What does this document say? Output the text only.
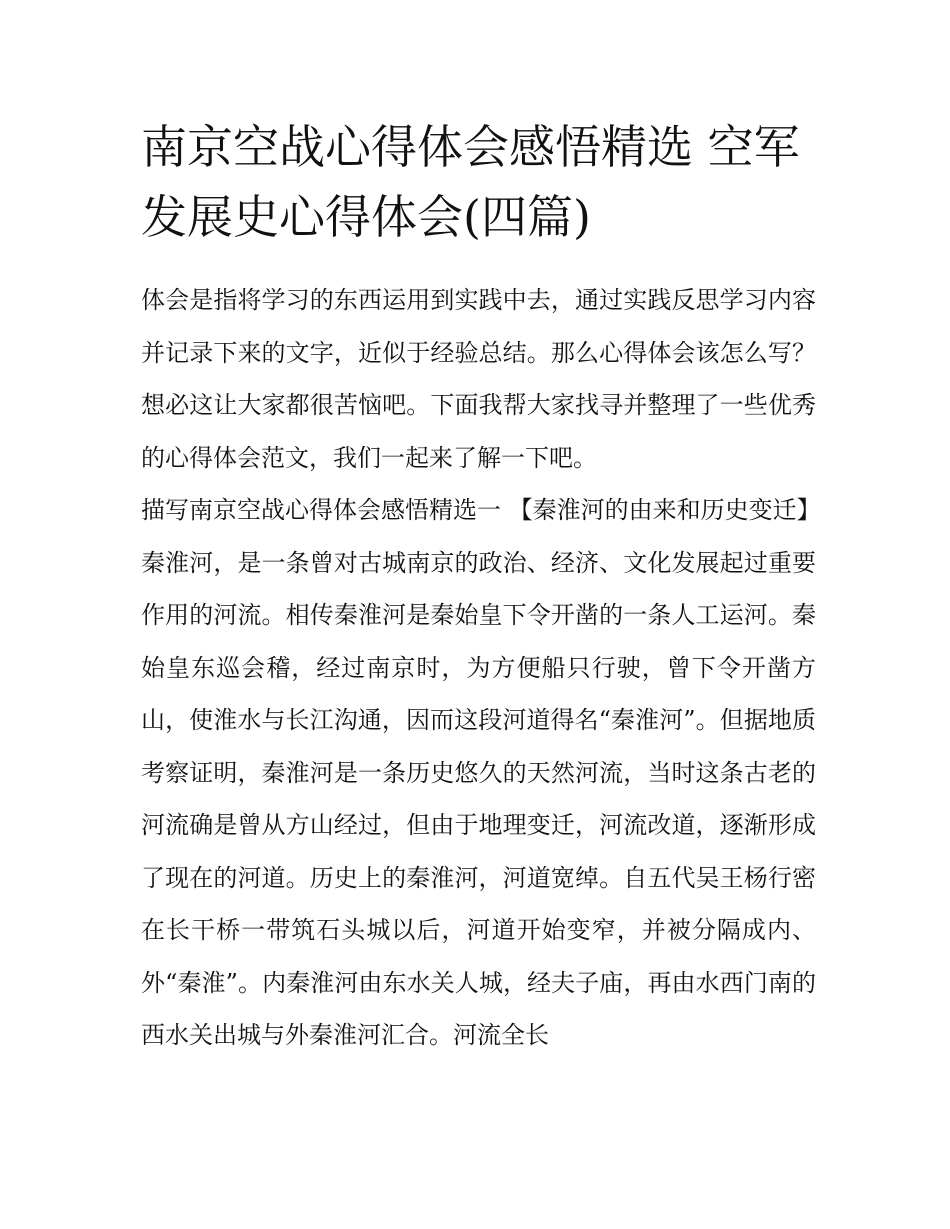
南京空战心得体会感悟精选 空军发展史心得体会(四篇)

体会是指将学习的东西运用到实践中去，通过实践反思学习内容并记录下来的文字，近似于经验总结。那么心得体会该怎么写？想必这让大家都很苦恼吧。下面我帮大家找寻并整理了一些优秀的心得体会范文，我们一起来了解一下吧。

描写南京空战心得体会感悟精选一 【秦淮河的由来和历史变迁】

秦淮河，是一条曾对古城南京的政治、经济、文化发展起过重要作用的河流。相传秦淮河是秦始皇下令开凿的一条人工运河。秦始皇东巡会稽，经过南京时，为方便船只行驶，曾下令开凿方山，使淮水与长江沟通，因而这段河道得名“秦淮河”。但据地质考察证明，秦淮河是一条历史悠久的天然河流，当时这条古老的河流确是曾从方山经过，但由于地理变迁，河流改道，逐渐形成了现在的河道。历史上的秦淮河，河道宽绰。自五代吴王杨行密在长干桥一带筑石头城以后，河道开始变窄，并被分隔成内、外“秦淮”。内秦淮河由东水关人城，经夫子庙，再由水西门南的西水关出城与外秦淮河汇合。河流全长
